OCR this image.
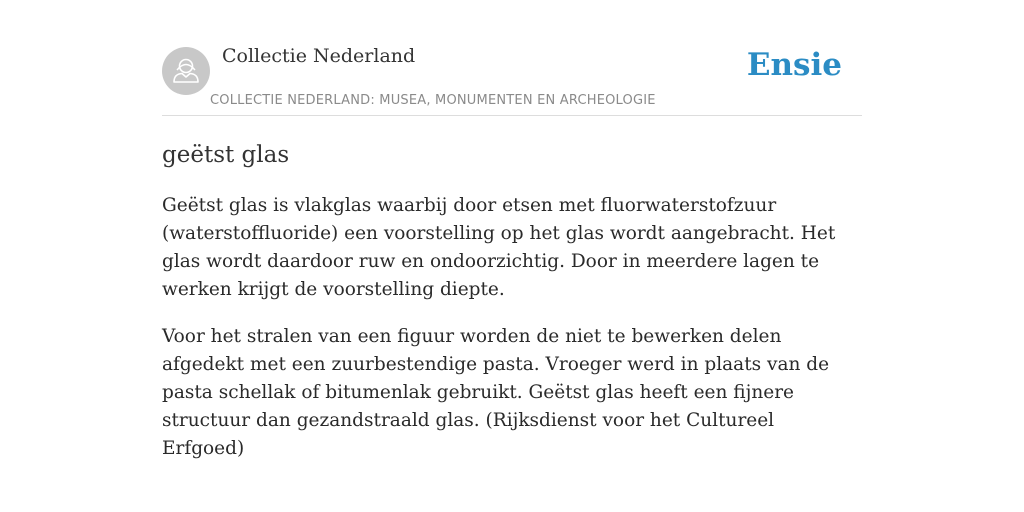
Collectie Nederland
COLLECTIE NEDERLAND: MUSEA, MONUMENTEN EN ARCHEOLOGIE
Ensie
geëtst glas

Geëtst glas is vlakglas waarbij door etsen met fluorwaterstofzuur (waterstoffluoride) een voorstelling op het glas wordt aangebracht. Het glas wordt daardoor ruw en ondoorzichtig. Door in meerdere lagen te werken krijgt de voorstelling diepte.

Voor het stralen van een figuur worden de niet te bewerken delen afgedekt met een zuurbestendige pasta. Vroeger werd in plaats van de pasta schellak of bitumenlak gebruikt. Geëtst glas heeft een fijnere structuur dan gezandstraald glas. (Rijksdienst voor het Cultureel Erfgoed)
